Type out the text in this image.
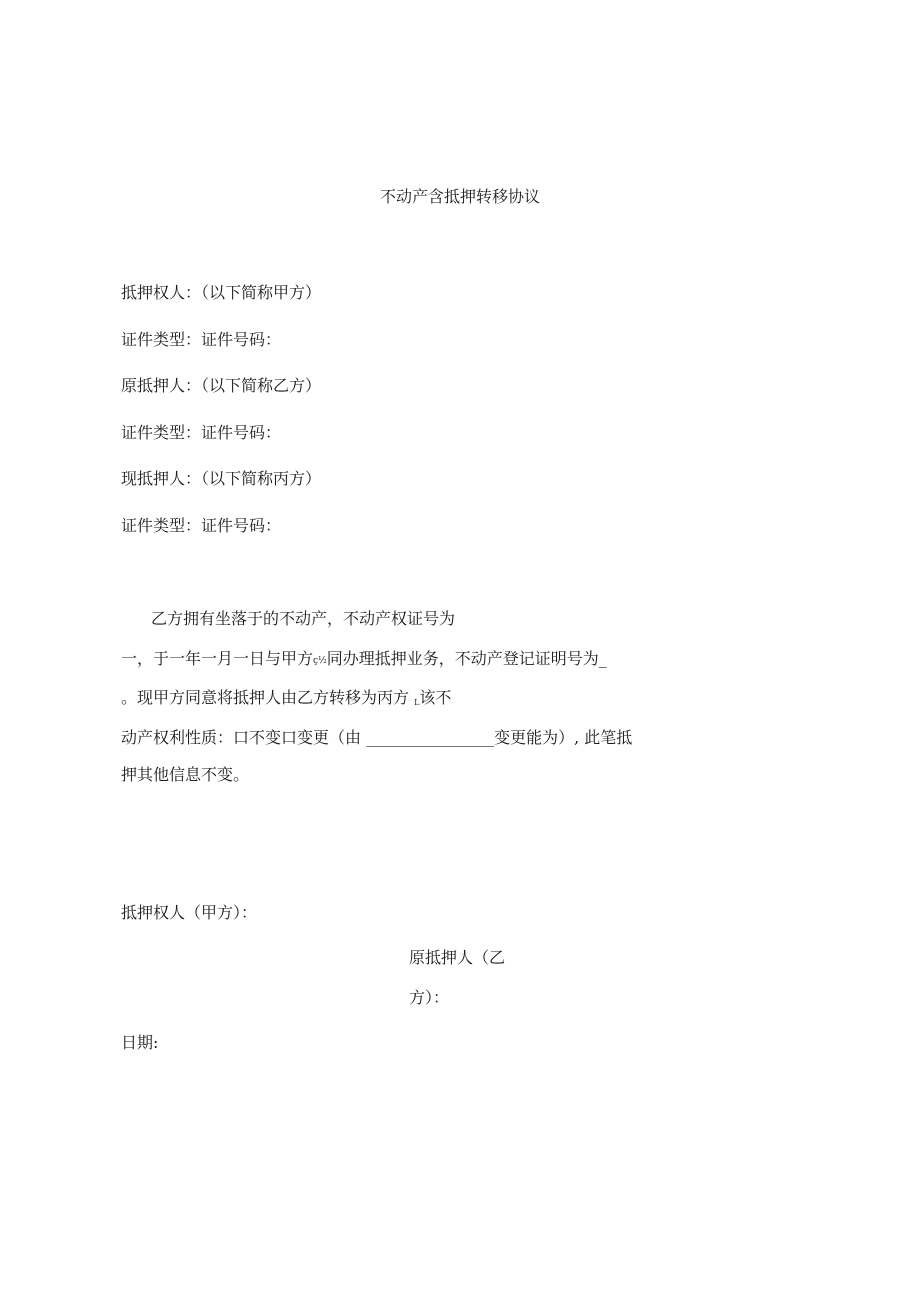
不动产含抵押转移协议
抵押权人：（以下简称甲方）
证件类型：证件号码：
原抵押人：（以下简称乙方）
证件类型：证件号码：
现抵押人：（以下简称丙方）
证件类型：证件号码：
乙方拥有坐落于的不动产，不动产权证号为
一，于一年一月一日与甲方ç½同办理抵押业务，不动产登记证明号为_
。现甲方同意将抵押人由乙方转移为丙方 L该不
动产权利性质：口不变口变更（由 ________________变更能为）, 此笔抵
押其他信息不变。
抵押权人（甲方）：
原抵押人（乙
方）：
日期:
